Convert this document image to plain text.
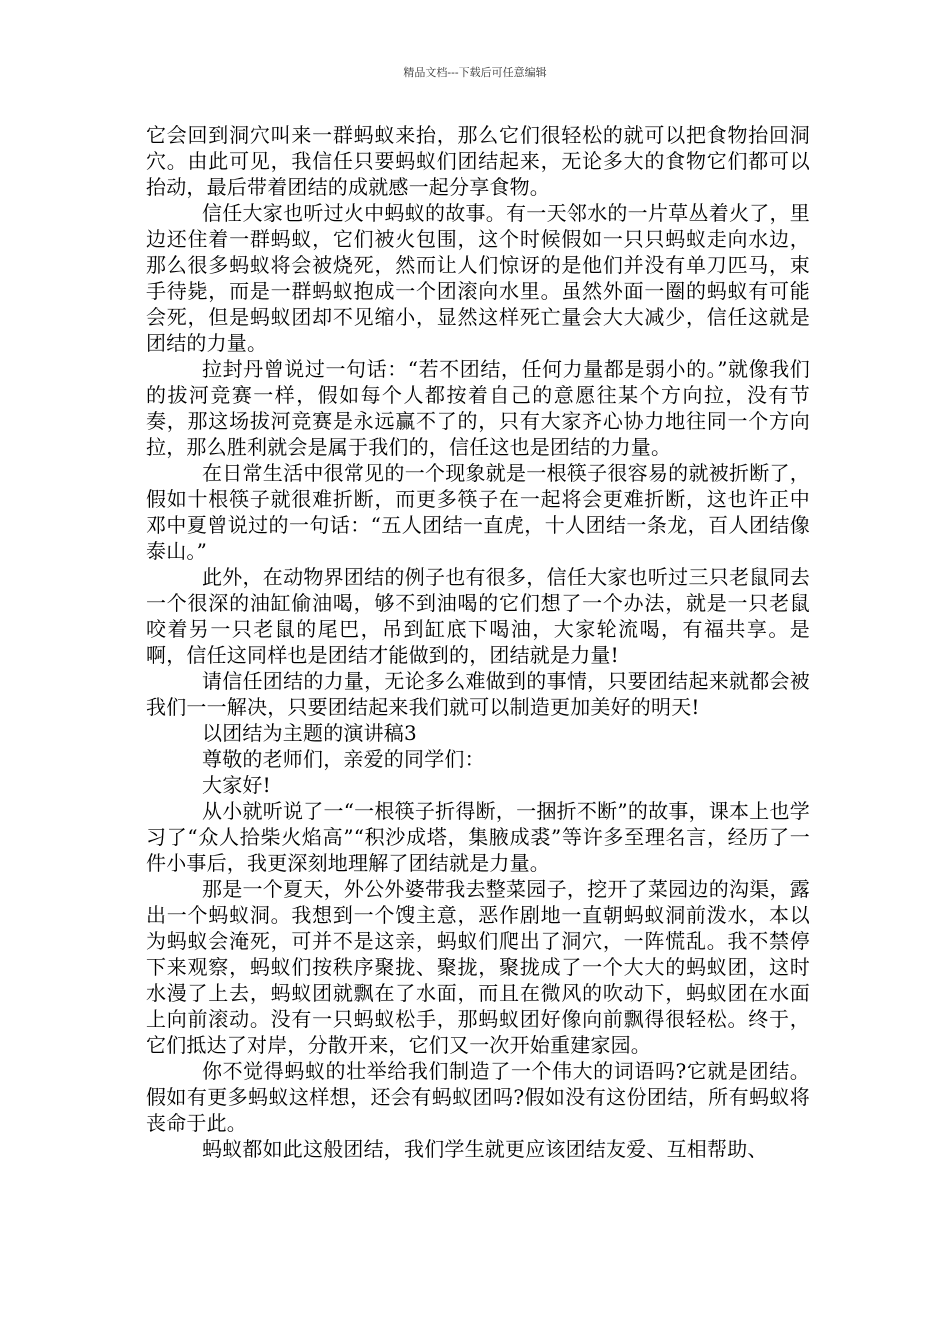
精品文档---下载后可任意编辑

它会回到洞穴叫来一群蚂蚁来抬，那么它们很轻松的就可以把食物抬回洞穴。由此可见，我信任只要蚂蚁们团结起来，无论多大的食物它们都可以抬动，最后带着团结的成就感一起分享食物。

信任大家也听过火中蚂蚁的故事。有一天邻水的一片草丛着火了，里边还住着一群蚂蚁，它们被火包围，这个时候假如一只只蚂蚁走向水边，那么很多蚂蚁将会被烧死，然而让人们惊讶的是他们并没有单刀匹马，束手待毙，而是一群蚂蚁抱成一个团滚向水里。虽然外面一圈的蚂蚁有可能会死，但是蚂蚁团却不见缩小，显然这样死亡量会大大减少，信任这就是团结的力量。

拉封丹曾说过一句话：“若不团结，任何力量都是弱小的。”就像我们的拔河竞赛一样，假如每个人都按着自己的意愿往某个方向拉，没有节奏，那这场拔河竞赛是永远赢不了的，只有大家齐心协力地往同一个方向拉，那么胜利就会是属于我们的，信任这也是团结的力量。

在日常生活中很常见的一个现象就是一根筷子很容易的就被折断了，假如十根筷子就很难折断，而更多筷子在一起将会更难折断，这也许正中邓中夏曾说过的一句话：“五人团结一直虎，十人团结一条龙，百人团结像泰山。”

此外，在动物界团结的例子也有很多，信任大家也听过三只老鼠同去一个很深的油缸偷油喝，够不到油喝的它们想了一个办法，就是一只老鼠咬着另一只老鼠的尾巴，吊到缸底下喝油，大家轮流喝，有福共享。是啊，信任这同样也是团结才能做到的，团结就是力量!

请信任团结的力量，无论多么难做到的事情，只要团结起来就都会被我们一一解决，只要团结起来我们就可以制造更加美好的明天!

以团结为主题的演讲稿3

尊敬的老师们，亲爱的同学们：

大家好!

从小就听说了一“一根筷子折得断，一捆折不断”的故事，课本上也学习了“众人拾柴火焰高”“积沙成塔，集腋成裘”等许多至理名言，经历了一件小事后，我更深刻地理解了团结就是力量。

那是一个夏天，外公外婆带我去整菜园子，挖开了菜园边的沟渠，露出一个蚂蚁洞。我想到一个馊主意，恶作剧地一直朝蚂蚁洞前泼水，本以为蚂蚁会淹死，可并不是这亲，蚂蚁们爬出了洞穴，一阵慌乱。我不禁停下来观察，蚂蚁们按秩序聚拢、聚拢，聚拢成了一个大大的蚂蚁团，这时水漫了上去，蚂蚁团就飘在了水面，而且在微风的吹动下，蚂蚁团在水面上向前滚动。没有一只蚂蚁松手，那蚂蚁团好像向前飘得很轻松。终于，它们抵达了对岸，分散开来，它们又一次开始重建家园。

你不觉得蚂蚁的壮举给我们制造了一个伟大的词语吗?它就是团结。假如有更多蚂蚁这样想，还会有蚂蚁团吗?假如没有这份团结，所有蚂蚁将丧命于此。

蚂蚁都如此这般团结，我们学生就更应该团结友爱、互相帮助、
